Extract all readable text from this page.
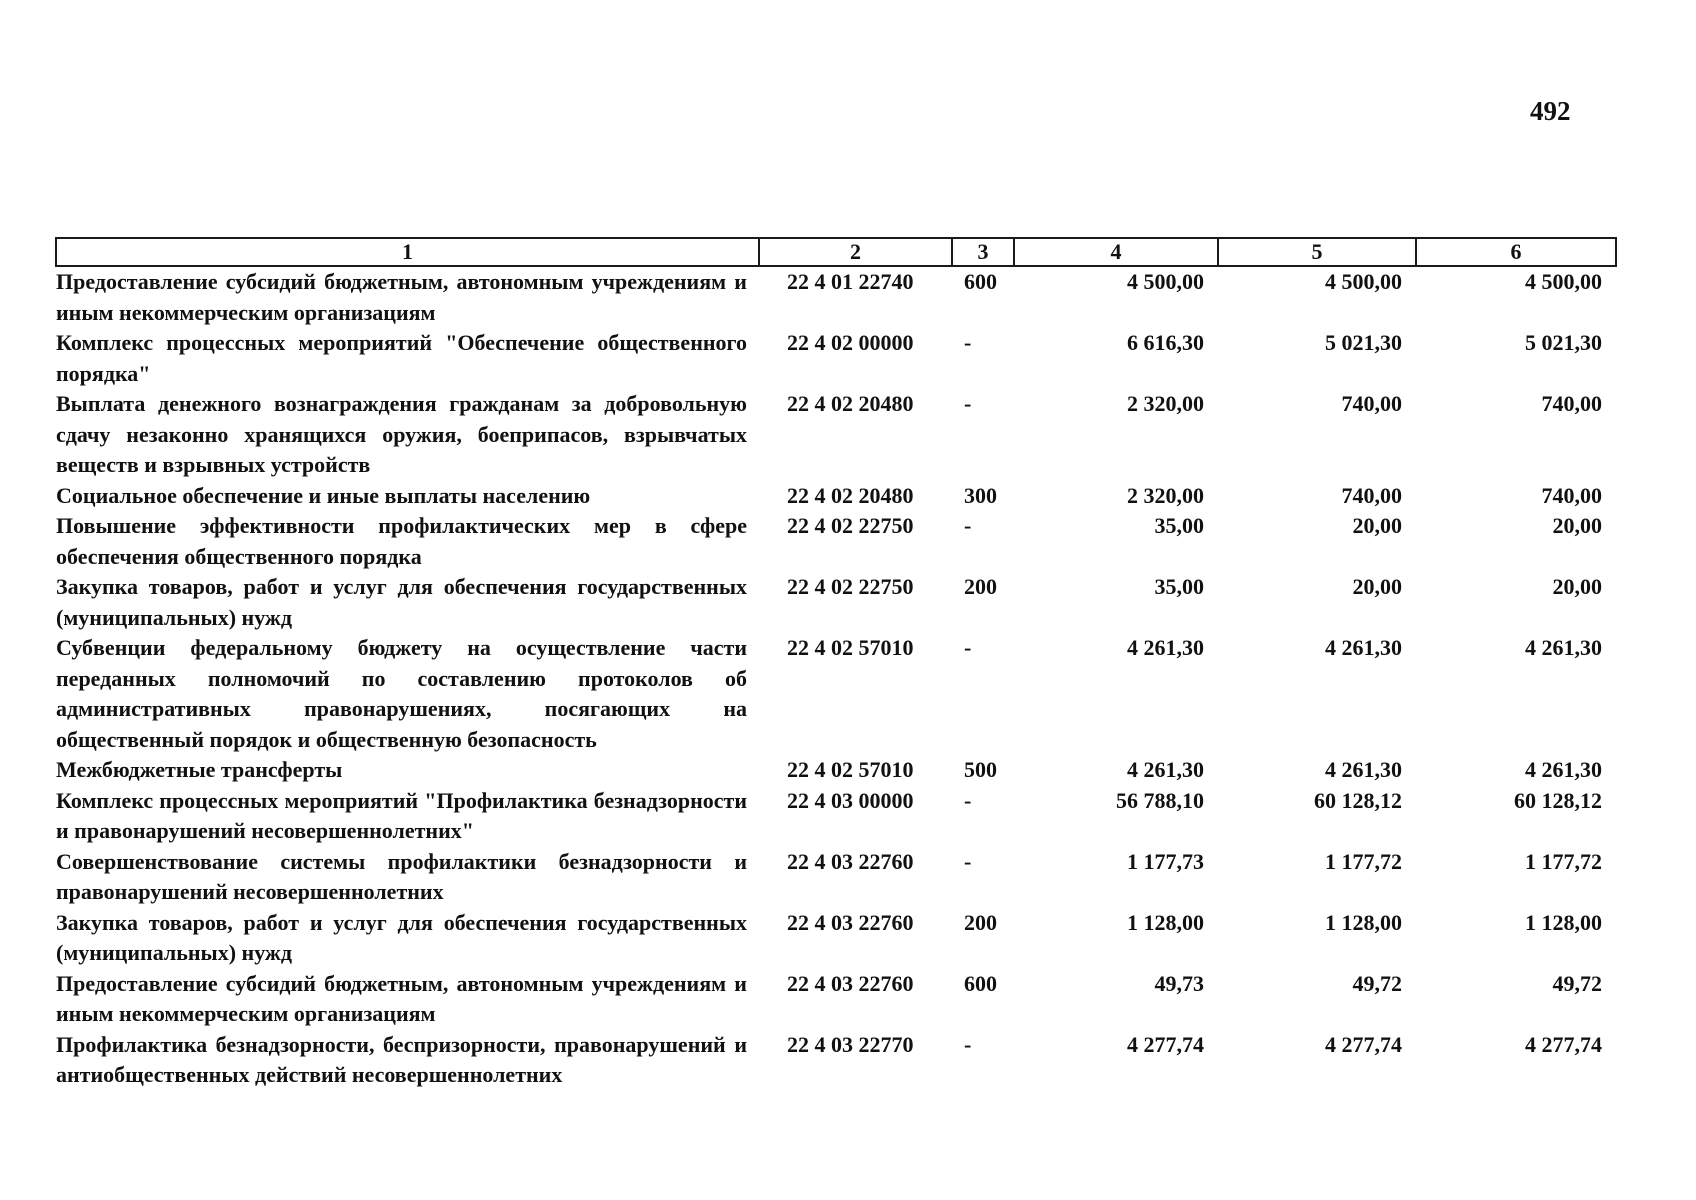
492
1	2	3	4	5	6
Предоставление субсидий бюджетным, автономным учреждениям и иным некоммерческим организациям	22 4 01 22740	600	4 500,00	4 500,00	4 500,00
Комплекс процессных мероприятий "Обеспечение общественного порядка"	22 4 02 00000	-	6 616,30	5 021,30	5 021,30
Выплата денежного вознаграждения гражданам за добровольную сдачу незаконно хранящихся оружия, боеприпасов, взрывчатых веществ и взрывных устройств	22 4 02 20480	-	2 320,00	740,00	740,00
Социальное обеспечение и иные выплаты населению	22 4 02 20480	300	2 320,00	740,00	740,00
Повышение эффективности профилактических мер в сфере обеспечения общественного порядка	22 4 02 22750	-	35,00	20,00	20,00
Закупка товаров, работ и услуг для обеспечения государственных (муниципальных) нужд	22 4 02 22750	200	35,00	20,00	20,00
Субвенции федеральному бюджету на осуществление части переданных полномочий по составлению протоколов об административных правонарушениях, посягающих на общественный порядок и общественную безопасность	22 4 02 57010	-	4 261,30	4 261,30	4 261,30
Межбюджетные трансферты	22 4 02 57010	500	4 261,30	4 261,30	4 261,30
Комплекс процессных мероприятий "Профилактика безнадзорности и правонарушений несовершеннолетних"	22 4 03 00000	-	56 788,10	60 128,12	60 128,12
Совершенствование системы профилактики безнадзорности и правонарушений несовершеннолетних	22 4 03 22760	-	1 177,73	1 177,72	1 177,72
Закупка товаров, работ и услуг для обеспечения государственных (муниципальных) нужд	22 4 03 22760	200	1 128,00	1 128,00	1 128,00
Предоставление субсидий бюджетным, автономным учреждениям и иным некоммерческим организациям	22 4 03 22760	600	49,73	49,72	49,72
Профилактика безнадзорности, беспризорности, правонарушений и антиобщественных действий несовершеннолетних	22 4 03 22770	-	4 277,74	4 277,74	4 277,74
